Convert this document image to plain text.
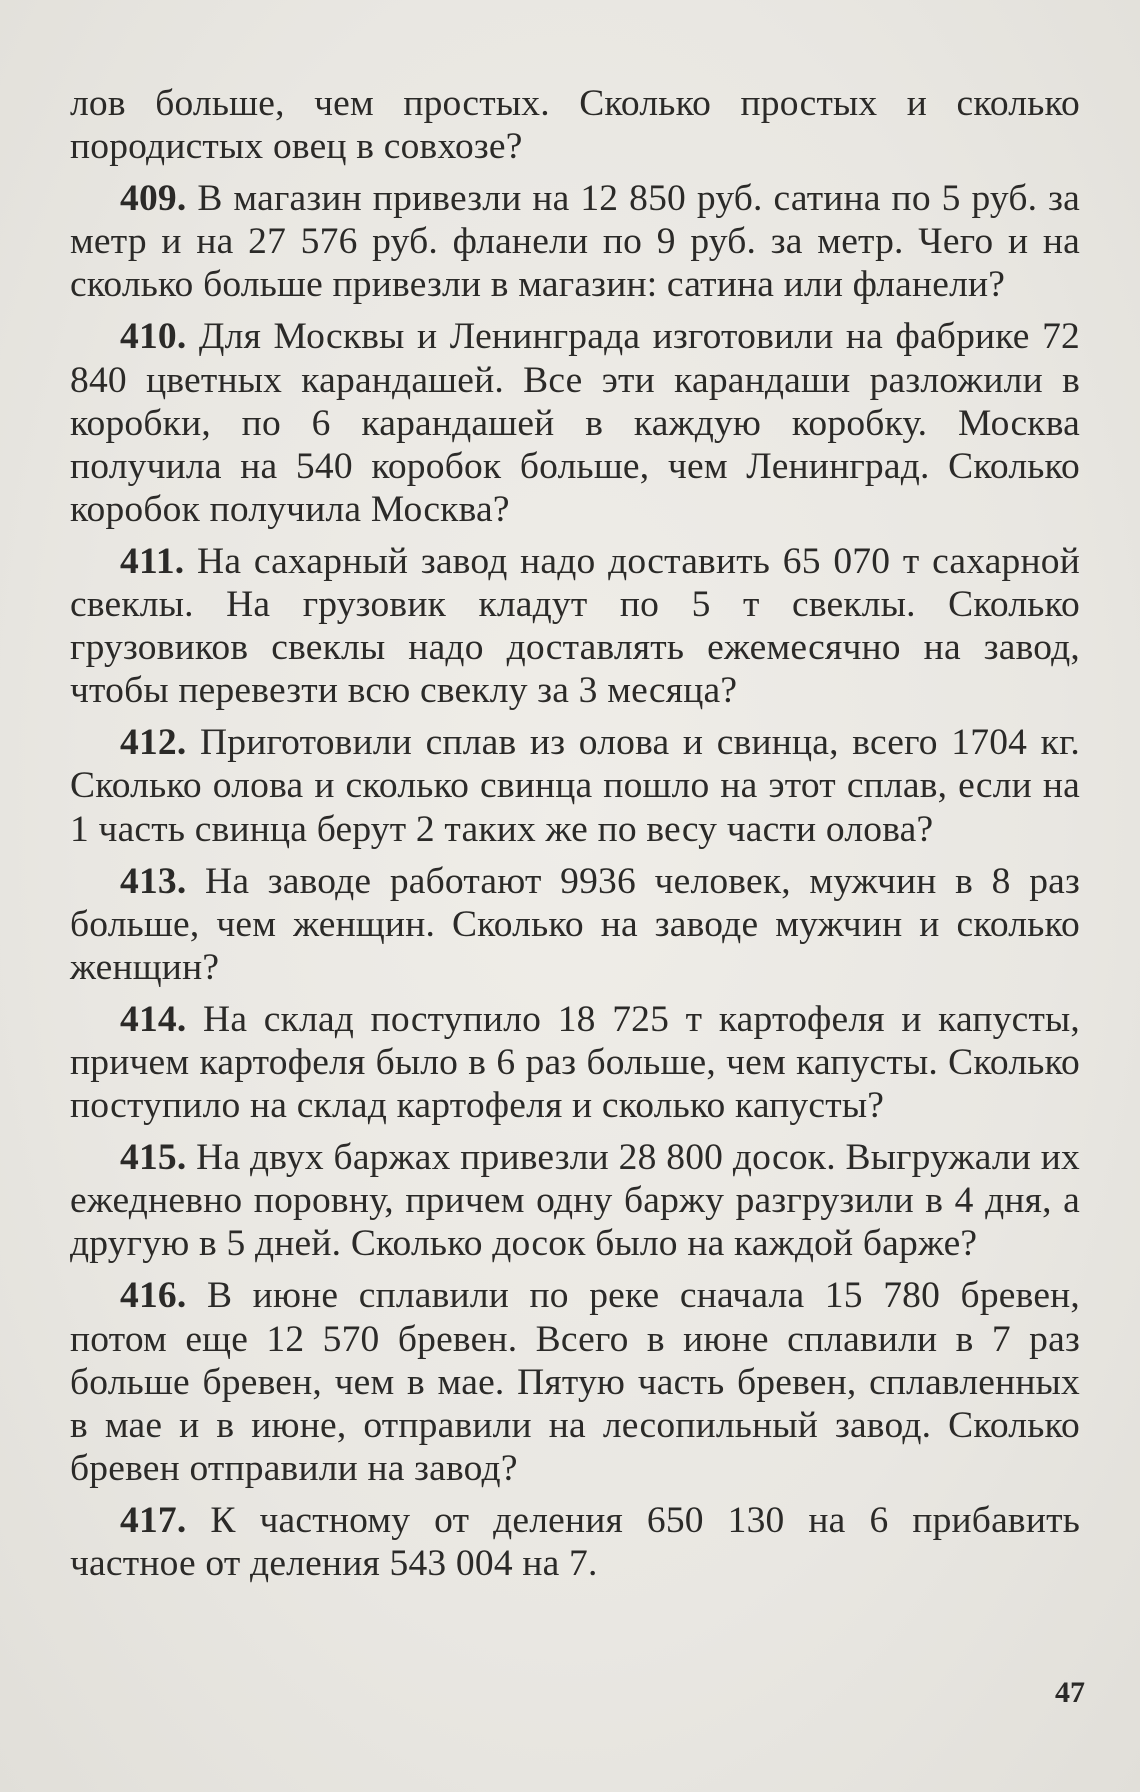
лов больше, чем простых. Сколько простых и сколько породистых овец в совхозе?

409. В магазин привезли на 12 850 руб. сатина по 5 руб. за метр и на 27 576 руб. фланели по 9 руб. за метр. Чего и на сколько больше привезли в магазин: сатина или фланели?

410. Для Москвы и Ленинграда изготовили на фабрике 72 840 цветных карандашей. Все эти карандаши разложили в коробки, по 6 карандашей в каждую коробку. Москва получила на 540 коробок больше, чем Ленинград. Сколько коробок получила Москва?

411. На сахарный завод надо доставить 65 070 т сахарной свеклы. На грузовик кладут по 5 т свеклы. Сколько грузовиков свеклы надо доставлять ежемесячно на завод, чтобы перевезти всю свеклу за 3 месяца?

412. Приготовили сплав из олова и свинца, всего 1704 кг. Сколько олова и сколько свинца пошло на этот сплав, если на 1 часть свинца берут 2 таких же по весу части олова?

413. На заводе работают 9936 человек, мужчин в 8 раз больше, чем женщин. Сколько на заводе мужчин и сколько женщин?

414. На склад поступило 18 725 т картофеля и капусты, причем картофеля было в 6 раз больше, чем капусты. Сколько поступило на склад картофеля и сколько капусты?

415. На двух баржах привезли 28 800 досок. Выгружали их ежедневно поровну, причем одну баржу разгрузили в 4 дня, а другую в 5 дней. Сколько досок было на каждой барже?

416. В июне сплавили по реке сначала 15 780 бревен, потом еще 12 570 бревен. Всего в июне сплавили в 7 раз больше бревен, чем в мае. Пятую часть бревен, сплавленных в мае и в июне, отправили на лесопильный завод. Сколько бревен отправили на завод?

417. К частному от деления 650 130 на 6 прибавить частное от деления 543 004 на 7.

47
